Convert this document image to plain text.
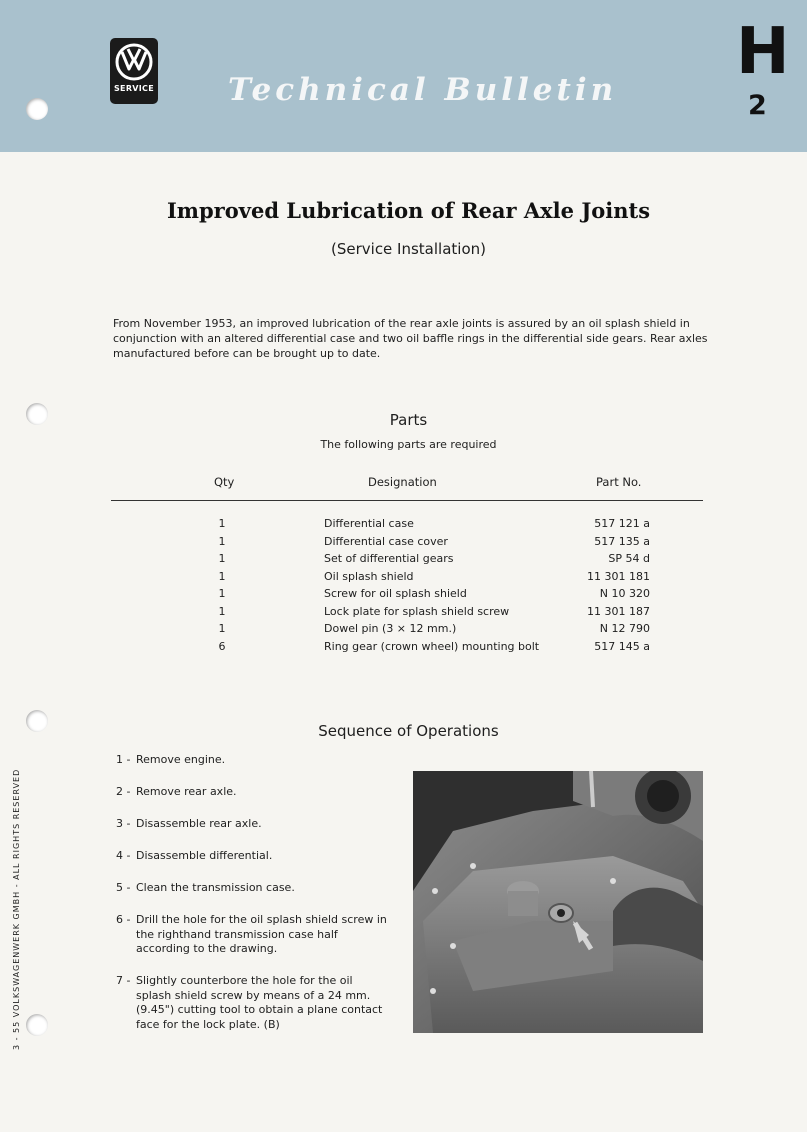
SERVICE Technical Bulletin
H
2
Improved Lubrication of Rear Axle Joints
(Service Installation)

From November 1953, an improved lubrication of the rear axle joints is assured by an oil splash shield in conjunction with an altered differential case and two oil baffle rings in the differential side gears. Rear axles manufactured before can be brought up to date.

Parts
The following parts are required
Qty	Designation	Part No.
1	Differential case	517 121 a
1	Differential case cover	517 135 a
1	Set of differential gears	SP 54 d
1	Oil splash shield	11 301 181
1	Screw for oil splash shield	N 10 320
1	Lock plate for splash shield screw	11 301 187
1	Dowel pin (3 × 12 mm.)	N 12 790
6	Ring gear (crown wheel) mounting bolt	517 145 a
Sequence of Operations
1 - Remove engine.
2 - Remove rear axle.
3 - Disassemble rear axle.
4 - Disassemble differential.
5 - Clean the transmission case.
6 - Drill the hole for the oil splash shield screw in the righthand transmission case half according to the drawing.
7 - Slightly counterbore the hole for the oil splash shield screw by means of a 24 mm. (9.45") cutting tool to obtain a plane contact face for the lock plate. (B)
3 - 55 VOLKSWAGENWERK GMBH - ALL RIGHTS RESERVED
